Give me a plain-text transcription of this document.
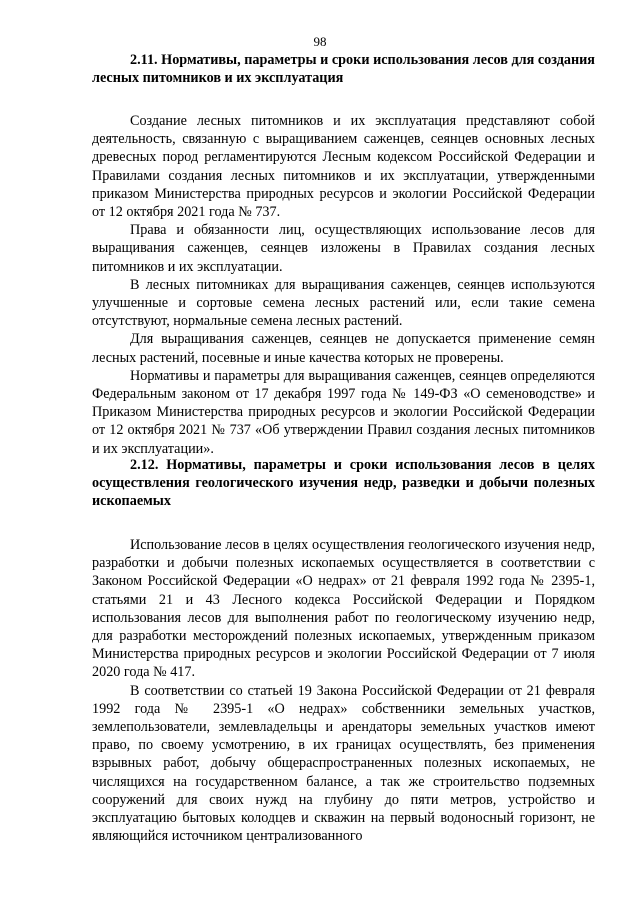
98
2.11. Нормативы, параметры и сроки использования лесов для создания лесных питомников и их эксплуатация

Создание лесных питомников и их эксплуатация представляют собой деятельность, связанную с выращиванием саженцев, сеянцев основных лесных древесных пород регламентируются Лесным кодексом Российской Федерации и Правилами создания лесных питомников и их эксплуатации, утвержденными приказом Министерства природных ресурсов и экологии Российской Федерации от 12 октября 2021 года № 737.

Права и обязанности лиц, осуществляющих использование лесов для выращивания саженцев, сеянцев изложены в Правилах создания лесных питомников и их эксплуатации.

В лесных питомниках для выращивания саженцев, сеянцев используются улучшенные и сортовые семена лесных растений или, если такие семена отсутствуют, нормальные семена лесных растений.

Для выращивания саженцев, сеянцев не допускается применение семян лесных растений, посевные и иные качества которых не проверены.

Нормативы и параметры для выращивания саженцев, сеянцев определяются Федеральным законом от 17 декабря 1997 года № 149-ФЗ «О семеноводстве» и Приказом Министерства природных ресурсов и экологии Российской Федерации от 12 октября 2021 № 737 «Об утверждении Правил создания лесных питомников и их эксплуатации».

2.12. Нормативы, параметры и сроки использования лесов в целях осуществления геологического изучения недр, разведки и добычи полезных ископаемых

Использование лесов в целях осуществления геологического изучения недр, разработки и добычи полезных ископаемых осуществляется в соответствии с Законом Российской Федерации «О недрах» от 21 февраля 1992 года № 2395-1, статьями 21 и 43 Лесного кодекса Российской Федерации и Порядком использования лесов для выполнения работ по геологическому изучению недр, для разработки месторождений полезных ископаемых, утвержденным приказом Министерства природных ресурсов и экологии Российской Федерации от 7 июля 2020 года № 417.

В соответствии со статьей 19 Закона Российской Федерации от 21 февраля 1992 года № 2395-1 «О недрах» собственники земельных участков, землепользователи, землевладельцы и арендаторы земельных участков имеют право, по своему усмотрению, в их границах осуществлять, без применения взрывных работ, добычу общераспространенных полезных ископаемых, не числящихся на государственном балансе, а так же строительство подземных сооружений для своих нужд на глубину до пяти метров, устройство и эксплуатацию бытовых колодцев и скважин на первый водоносный горизонт, не являющийся источником централизованного
